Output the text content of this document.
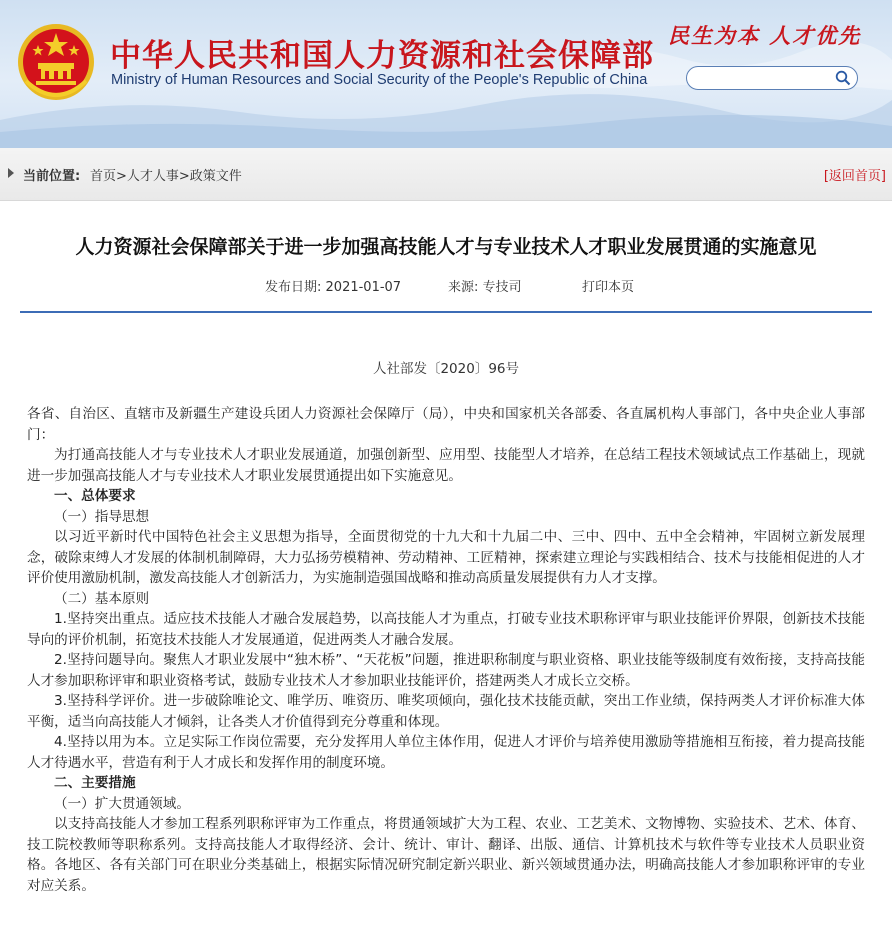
中华人民共和国人力资源和社会保障部
Ministry of Human Resources and Social Security of the People's Republic of China
民生为本 人才优先
当前位置: 首页>人才人事>政策文件	[返回首页]
人力资源社会保障部关于进一步加强高技能人才与专业技术人才职业发展贯通的实施意见
发布日期: 2021-01-07	来源: 专技司	打印本页
人社部发〔2020〕96号

各省、自治区、直辖市及新疆生产建设兵团人力资源社会保障厅（局），中央和国家机关各部委、各直属机构人事部门，各中央企业人事部门：

为打通高技能人才与专业技术人才职业发展通道，加强创新型、应用型、技能型人才培养，在总结工程技术领域试点工作基础上，现就进一步加强高技能人才与专业技术人才职业发展贯通提出如下实施意见。

一、总体要求

（一）指导思想

以习近平新时代中国特色社会主义思想为指导，全面贯彻党的十九大和十九届二中、三中、四中、五中全会精神，牢固树立新发展理念，破除束缚人才发展的体制机制障碍，大力弘扬劳模精神、劳动精神、工匠精神，探索建立理论与实践相结合、技术与技能相促进的人才评价使用激励机制，激发高技能人才创新活力，为实施制造强国战略和推动高质量发展提供有力人才支撑。

（二）基本原则

1.坚持突出重点。适应技术技能人才融合发展趋势，以高技能人才为重点，打破专业技术职称评审与职业技能评价界限，创新技术技能导向的评价机制，拓宽技术技能人才发展通道，促进两类人才融合发展。

2.坚持问题导向。聚焦人才职业发展中“独木桥”、“天花板”问题，推进职称制度与职业资格、职业技能等级制度有效衔接，支持高技能人才参加职称评审和职业资格考试，鼓励专业技术人才参加职业技能评价，搭建两类人才成长立交桥。

3.坚持科学评价。进一步破除唯论文、唯学历、唯资历、唯奖项倾向，强化技术技能贡献，突出工作业绩，保持两类人才评价标准大体平衡，适当向高技能人才倾斜，让各类人才价值得到充分尊重和体现。

4.坚持以用为本。立足实际工作岗位需要，充分发挥用人单位主体作用，促进人才评价与培养使用激励等措施相互衔接，着力提高技能人才待遇水平，营造有利于人才成长和发挥作用的制度环境。

二、主要措施

（一）扩大贯通领域。

以支持高技能人才参加工程系列职称评审为工作重点，将贯通领域扩大为工程、农业、工艺美术、文物博物、实验技术、艺术、体育、技工院校教师等职称系列。支持高技能人才取得经济、会计、统计、审计、翻译、出版、通信、计算机技术与软件等专业技术人员职业资格。各地区、各有关部门可在职业分类基础上，根据实际情况研究制定新兴职业、新兴领域贯通办法，明确高技能人才参加职称评审的专业对应关系。
